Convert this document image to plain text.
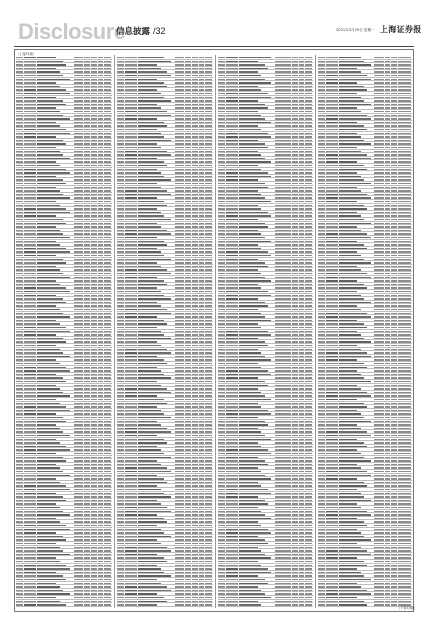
Disclosure
信息披露 /32	2021年3月29日 星期一 上海证券报
（上接31版）
（下转33版）
